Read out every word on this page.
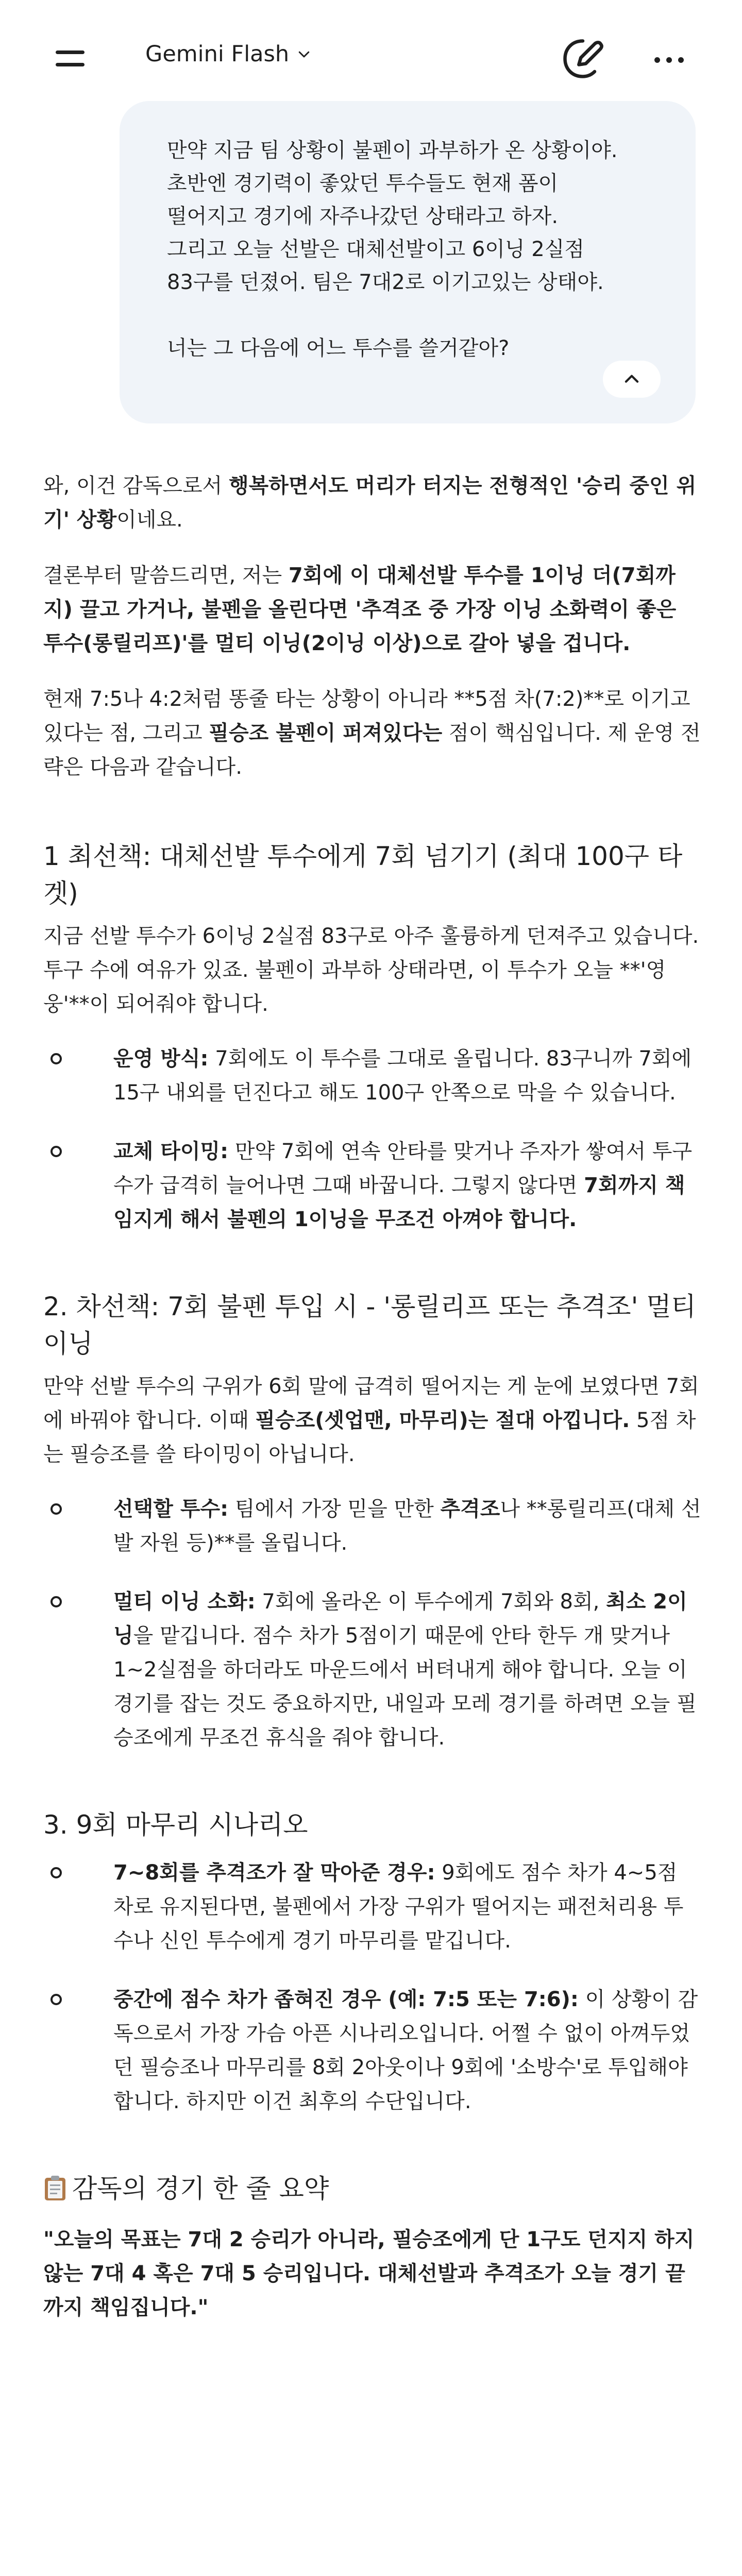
Gemini Flash
만약 지금 팀 상황이 불펜이 과부하가 온 상황이야.
초반엔 경기력이 좋았던 투수들도 현재 폼이
떨어지고 경기에 자주나갔던 상태라고 하자.
그리고 오늘 선발은 대체선발이고 6이닝 2실점
83구를 던졌어. 팀은 7대2로 이기고있는 상태야.
너는 그 다음에 어느 투수를 쓸거같아?

와, 이건 감독으로서 행복하면서도 머리가 터지는 전형적인 '승리 중인 위기' 상황이네요.

결론부터 말씀드리면, 저는 7회에 이 대체선발 투수를 1이닝 더(7회까지) 끌고 가거나, 불펜을 올린다면 '추격조 중 가장 이닝 소화력이 좋은 투수(롱릴리프)'를 멀티 이닝(2이닝 이상)으로 갈아 넣을 겁니다.

현재 7:5나 4:2처럼 똥줄 타는 상황이 아니라 **5점 차(7:2)**로 이기고 있다는 점, 그리고 필승조 불펜이 퍼져있다는 점이 핵심입니다. 제 운영 전략은 다음과 같습니다.

1 최선책: 대체선발 투수에게 7회 넘기기 (최대 100구 타겟)

지금 선발 투수가 6이닝 2실점 83구로 아주 훌륭하게 던져주고 있습니다. 투구 수에 여유가 있죠. 불펜이 과부하 상태라면, 이 투수가 오늘 **'영웅'**이 되어줘야 합니다.

운영 방식: 7회에도 이 투수를 그대로 올립니다. 83구니까 7회에 15구 내외를 던진다고 해도 100구 안쪽으로 막을 수 있습니다.

교체 타이밍: 만약 7회에 연속 안타를 맞거나 주자가 쌓여서 투구 수가 급격히 늘어나면 그때 바꿉니다. 그렇지 않다면 7회까지 책임지게 해서 불펜의 1이닝을 무조건 아껴야 합니다.

2. 차선책: 7회 불펜 투입 시 - '롱릴리프 또는 추격조' 멀티 이닝

만약 선발 투수의 구위가 6회 말에 급격히 떨어지는 게 눈에 보였다면 7회에 바꿔야 합니다. 이때 필승조(셋업맨, 마무리)는 절대 아낍니다. 5점 차는 필승조를 쓸 타이밍이 아닙니다.

선택할 투수: 팀에서 가장 믿을 만한 추격조나 **롱릴리프(대체 선발 자원 등)**를 올립니다.

멀티 이닝 소화: 7회에 올라온 이 투수에게 7회와 8회, 최소 2이닝을 맡깁니다. 점수 차가 5점이기 때문에 안타 한두 개 맞거나 1~2실점을 하더라도 마운드에서 버텨내게 해야 합니다. 오늘 이 경기를 잡는 것도 중요하지만, 내일과 모레 경기를 하려면 오늘 필승조에게 무조건 휴식을 줘야 합니다.

3. 9회 마무리 시나리오

7~8회를 추격조가 잘 막아준 경우: 9회에도 점수 차가 4~5점 차로 유지된다면, 불펜에서 가장 구위가 떨어지는 패전처리용 투수나 신인 투수에게 경기 마무리를 맡깁니다.

중간에 점수 차가 좁혀진 경우 (예: 7:5 또는 7:6): 이 상황이 감독으로서 가장 가슴 아픈 시나리오입니다. 어쩔 수 없이 아껴두었던 필승조나 마무리를 8회 2아웃이나 9회에 '소방수'로 투입해야 합니다. 하지만 이건 최후의 수단입니다.

감독의 경기 한 줄 요약

"오늘의 목표는 7대 2 승리가 아니라, 필승조에게 단 1구도 던지지 하지 않는 7대 4 혹은 7대 5 승리입니다. 대체선발과 추격조가 오늘 경기 끝까지 책임집니다."
